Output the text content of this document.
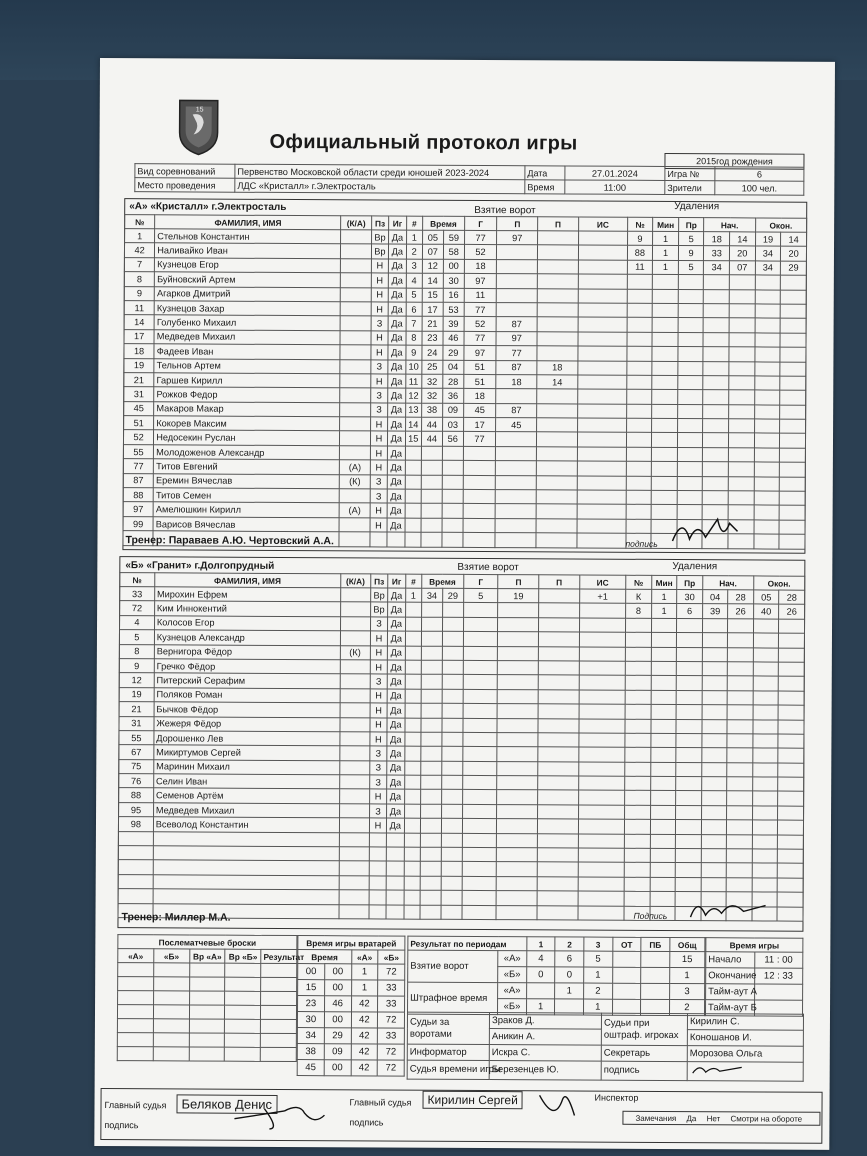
15
Официальный протокол игры
2015год рождения
Вид соревнований	Первенство Московской области среди юношей 2023-2024	Дата	27.01.2024	Игра №	6
Место проведения	ЛДС «Кристалл» г.Электросталь	Время	11:00	Зрители	100 чел.
«А» «Кристалл» г.Электросталь	Взятие ворот	Удаления
№	ФАМИЛИЯ, ИМЯ	(К/А)	Пз	Иг	#	Время		Г	П	П	ИС	№	Мин	Пр	Нач.		Окон.	
1	Стельнов Константин		Вр	Да	1	05	59	77	97			9	1	5	18	14	19	14
42	Наливайко Иван		Вр	Да	2	07	58	52				88	1	9	33	20	34	20
7	Кузнецов Егор		Н	Да	3	12	00	18				11	1	5	34	07	34	29
8	Буйновский Артем		Н	Да	4	14	30	97										
9	Агарков Дмитрий		Н	Да	5	15	16	11										
11	Кузнецов Захар		Н	Да	6	17	53	77										
14	Голубенко Михаил		З	Да	7	21	39	52	87									
17	Медведев Михаил		Н	Да	8	23	46	77	97									
18	Фадеев Иван		Н	Да	9	24	29	97	77									
19	Тельнов Артем		З	Да	10	25	04	51	87	18								
21	Гаршев Кирилл		Н	Да	11	32	28	51	18	14								
31	Рожков Федор		З	Да	12	32	36	18										
45	Макаров Макар		З	Да	13	38	09	45	87									
51	Кокорев Максим		Н	Да	14	44	03	17	45									
52	Недосекин Руслан		Н	Да	15	44	56	77										
55	Молодоженов Александр		Н	Да														
77	Титов Евгений	(А)	Н	Да														
87	Еремин Вячеслав	(К)	З	Да														
88	Титов Семен		З	Да														
97	Амелюшкин Кирилл	(А)	Н	Да														
99	Варисов Вячеслав		Н	Да														

Тренер: Параваев А.Ю. Чертовский А.А.	подпись
«Б» «Гранит» г.Долгопрудный	Взятие ворот	Удаления
№	ФАМИЛИЯ, ИМЯ	(К/А)	Пз	Иг	#	Время		Г	П	П	ИС	№	Мин	Пр	Нач.		Окон.	
33	Мирохин Ефрем		Вр	Да	1	34	29	5	19		+1	К	1	30	04	28	05	28
72	Ким Иннокентий		Вр	Да								8	1	6	39	26	40	26
4	Колосов Егор		З	Да														
5	Кузнецов Александр		Н	Да														
8	Вернигора Фёдор	(К)	Н	Да														
9	Гречко Фёдор		Н	Да														
12	Питерский Серафим		З	Да														
19	Поляков Роман		Н	Да														
21	Бычков Фёдор		Н	Да														
31	Жежеря Фёдор		Н	Да														
55	Дорошенко Лев		Н	Да														
67	Микиртумов Сергей		З	Да														
75	Маринин Михаил		З	Да														
76	Селин Иван		З	Да														
88	Семенов Артём		Н	Да														
95	Медведев Михаил		З	Да														
98	Всеволод Константин		Н	Да														

Тренер: Миллер М.А.	Подпись
Послематчевые броски				
«А»	«Б»	Вр «А»	Вр «Б»	Результат

Время игры вратарей			
Время		«А»	«Б»
00	00	1	72
15	00	1	33
23	46	42	33
30	00	42	72
34	29	42	33
38	09	42	72
45	00	42	72
Результат по периодам		1	2	3	ОТ	ПБ	Общ
Взятие ворот	«А»	4	6	5			15
	«Б»	0	0	1			1
Штрафное время	«А»		1	2			3
	«Б»	1		1			2
Время игры	
Начало	11 : 00
Окончание	12 : 33
Тайм-аут А	
Тайм-аут Б	
Судьи за воротами	Зраков Д.	Судьи при оштраф. игроках	Кирилин С.
	Аникин А.		Коношанов И.
Информатор	Искра С.	Секретарь	Морозова Ольга
Судья времени игры	Березенцев Ю.	подпись	
Главный судья	Беляков Денис
подпись
Главный судья	Кирилин Сергей
подпись
Инспектор
Замечания Да Нет Смотри на обороте
